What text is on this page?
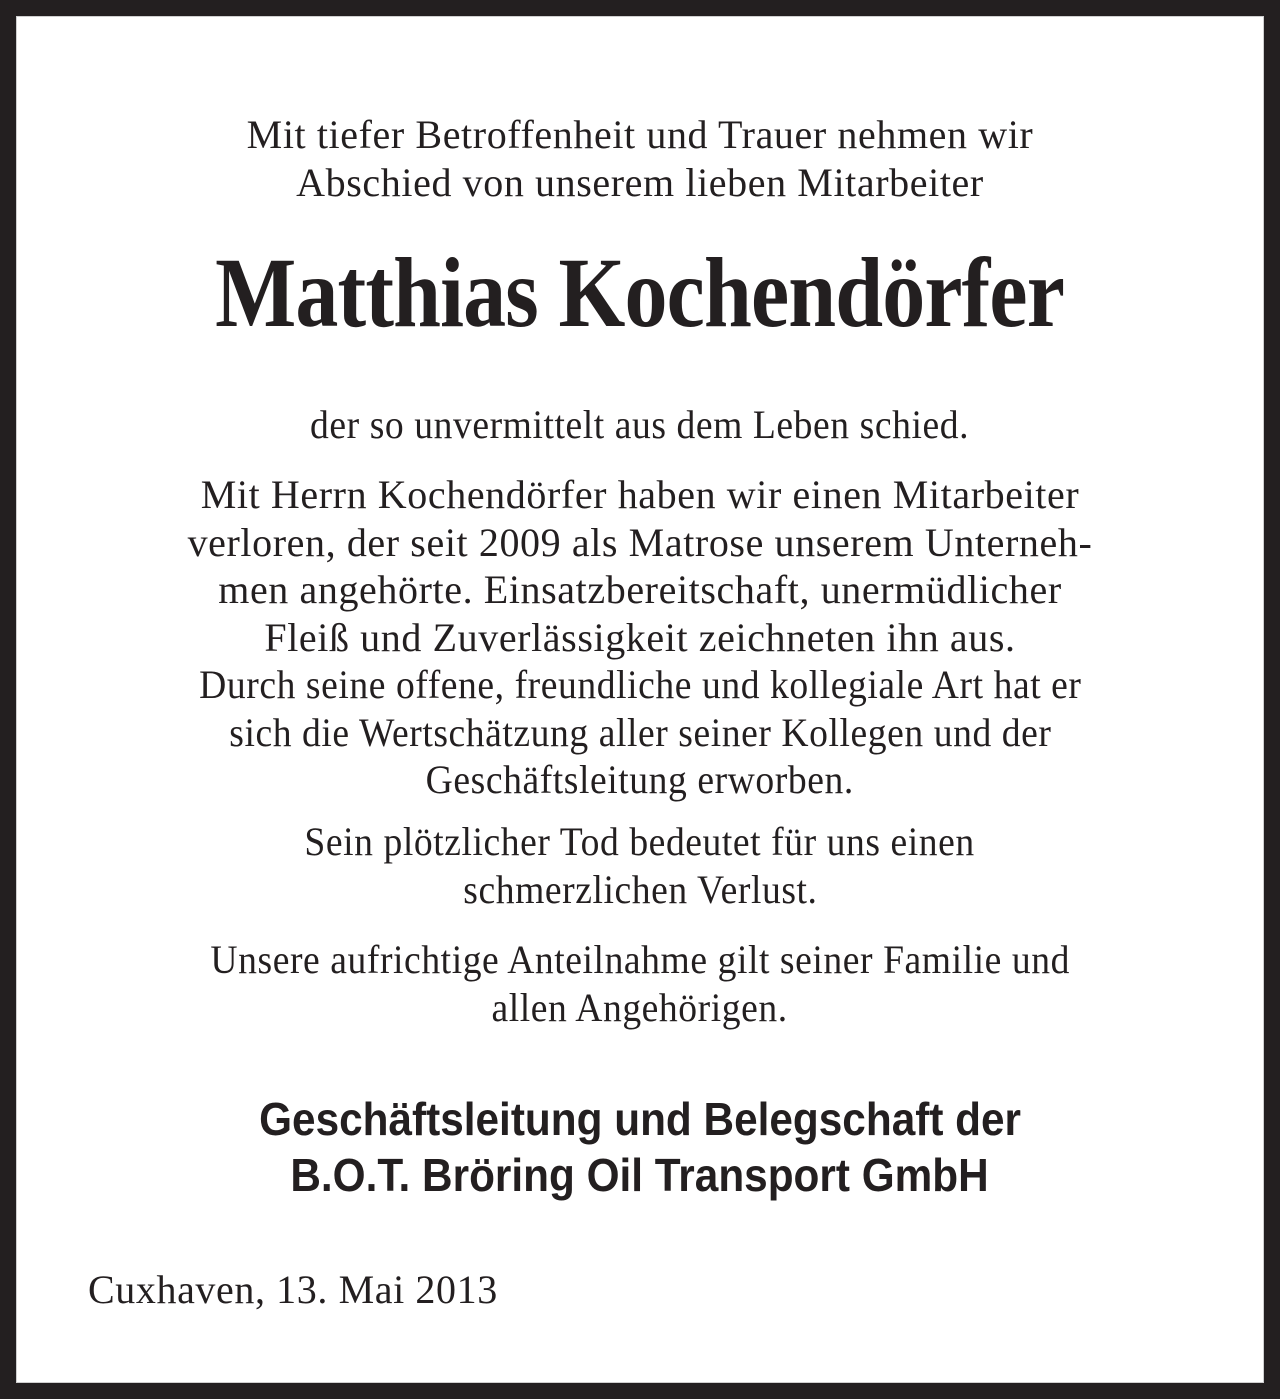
Mit tiefer Betroffenheit und Trauer nehmen wir
Abschied von unserem lieben Mitarbeiter
Matthias Kochendörfer
der so unvermittelt aus dem Leben schied.
Mit Herrn Kochendörfer haben wir einen Mitarbeiter
verloren, der seit 2009 als Matrose unserem Unterneh-
men angehörte. Einsatzbereitschaft, unermüdlicher
Fleiß und Zuverlässigkeit zeichneten ihn aus.
Durch seine offene, freundliche und kollegiale Art hat er
sich die Wertschätzung aller seiner Kollegen und der
Geschäftsleitung erworben.
Sein plötzlicher Tod bedeutet für uns einen
schmerzlichen Verlust.
Unsere aufrichtige Anteilnahme gilt seiner Familie und
allen Angehörigen.
Geschäftsleitung und Belegschaft der
B.O.T. Bröring Oil Transport GmbH
Cuxhaven, 13. Mai 2013
